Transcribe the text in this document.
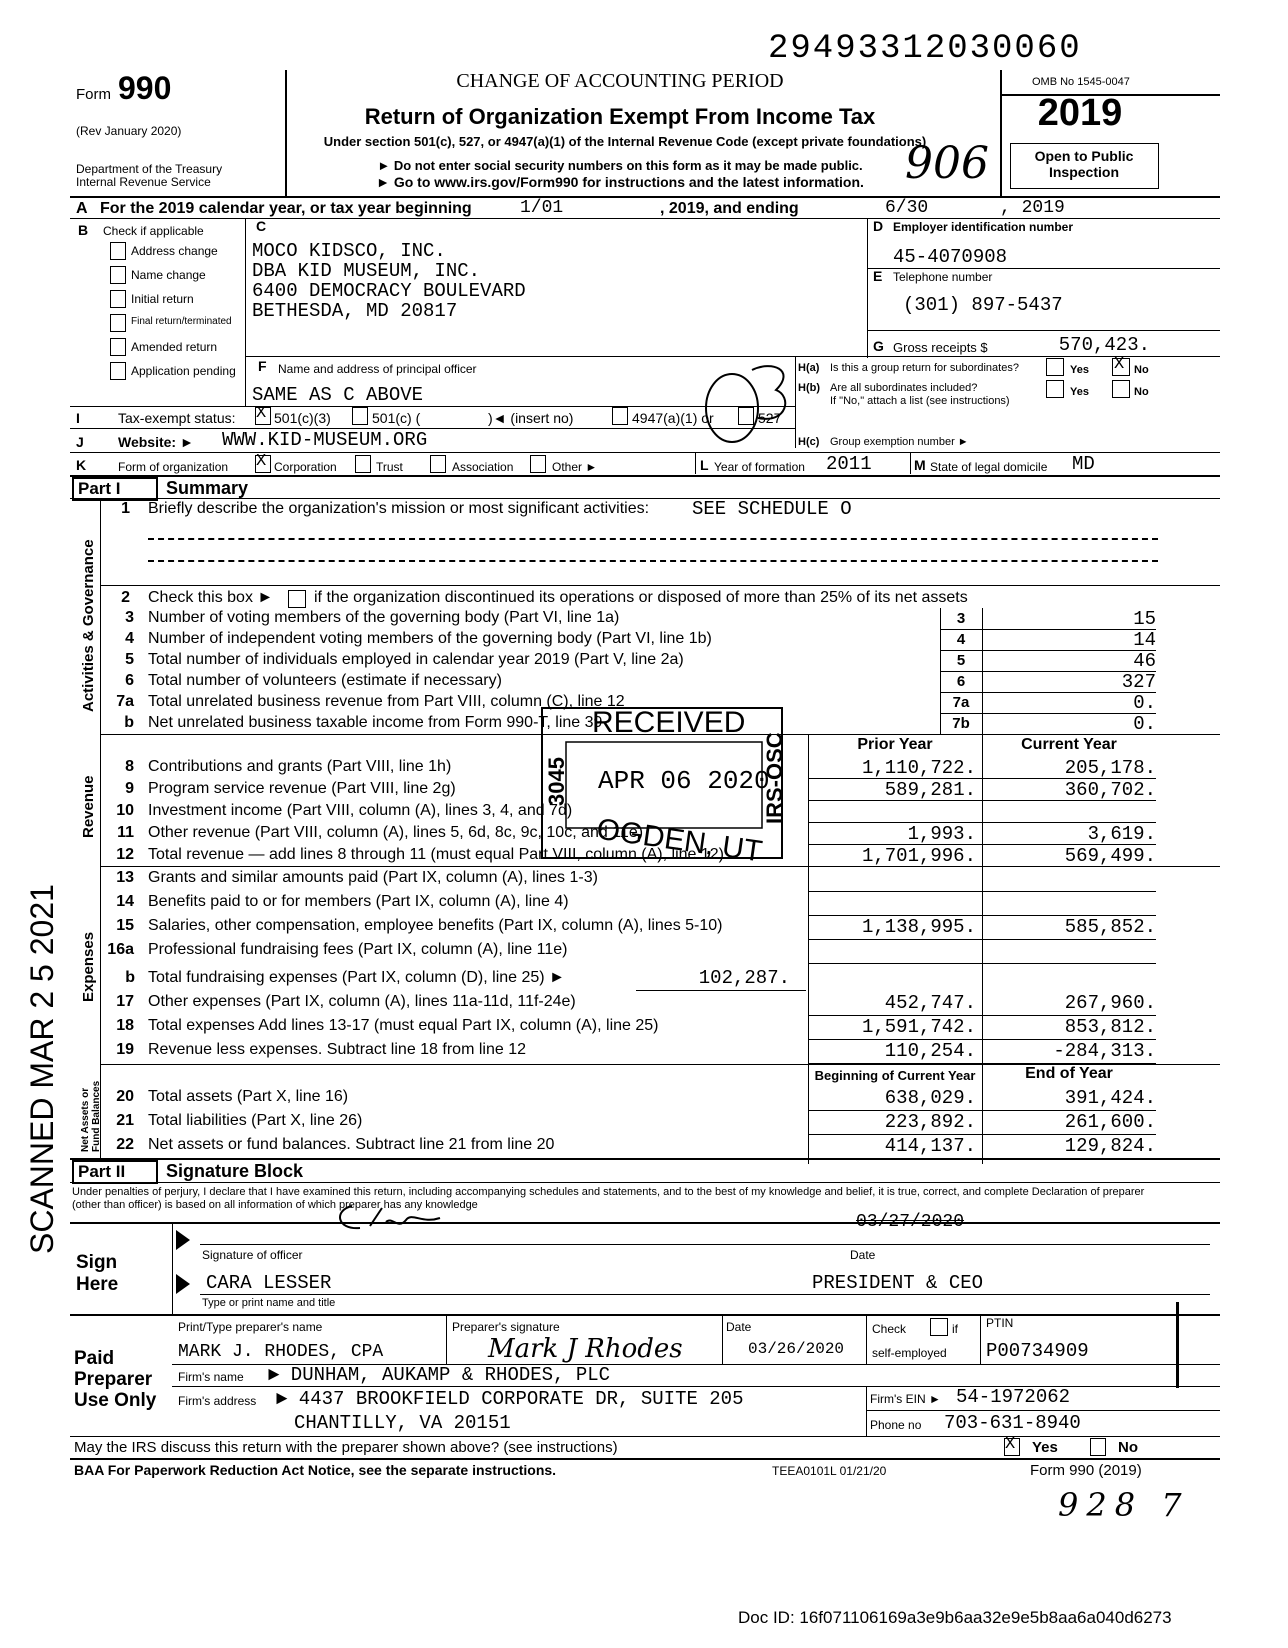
29493312030060
Form 990
(Rev January 2020)
Department of the Treasury
Internal Revenue Service
CHANGE OF ACCOUNTING PERIOD
Return of Organization Exempt From Income Tax
Under section 501(c), 527, or 4947(a)(1) of the Internal Revenue Code (except private foundations)
► Do not enter social security numbers on this form as it may be made public.
► Go to www.irs.gov/Form990 for instructions and the latest information. 906
OMB No 1545-0047
2019
Open to Public Inspection
A For the 2019 calendar year, or tax year beginning	1/01	, 2019, and ending	6/30	, 2019
B Check if applicable
Address change
Name change
Initial return
Final return/terminated
Amended return
Application pending
C
MOCO KIDSCO, INC.
DBA KID MUSEUM, INC.
6400 DEMOCRACY BOULEVARD
BETHESDA, MD 20817
D Employer identification number
45-4070908
E Telephone number
(301) 897-5437
G Gross receipts $	570,423.
F Name and address of principal officer
SAME AS C ABOVE
H(a) Is this a group return for subordinates?	Yes X No
H(b) Are all subordinates included?
If "No," attach a list (see instructions)
Yes	No
H(c) Group exemption number ►
I	Tax-exempt status: X 501(c)(3)	501(c) (	)◄ (insert no)	4947(a)(1) or	527
J Website: ► WWW.KID-MUSEUM.ORG
K	Form of organization X Corporation	Trust	Association	Other ►	L Year of formation 2011	M State of legal domicile MD
Part I	Summary
Activities & Governance
Revenue
Expenses
Net Assets or Fund Balances
1 Briefly describe the organization's mission or most significant activities: SEE SCHEDULE O
2 Check this box ►	if the organization discontinued its operations or disposed of more than 25% of its net assets
3 Number of voting members of the governing body (Part VI, line 1a)	3	15
4 Number of independent voting members of the governing body (Part VI, line 1b)	4	14
5 Total number of individuals employed in calendar year 2019 (Part V, line 2a)	5	46
6 Total number of volunteers (estimate if necessary)	6	327
7a Total unrelated business revenue from Part VIII, column (C), line 12	7a	0.
b Net unrelated business taxable income from Form 990-T, line 39	7b	0.
Prior Year	Current Year
8 Contributions and grants (Part VIII, line 1h)	1,110,722.	205,178.
9 Program service revenue (Part VIII, line 2g)	589,281.	360,702.
10 Investment income (Part VIII, column (A), lines 3, 4, and 7d)
11 Other revenue (Part VIII, column (A), lines 5, 6d, 8c, 9c, 10c, and 11e)	1,993.	3,619.
12 Total revenue — add lines 8 through 11 (must equal Part VIII, column (A), line 12)	1,701,996.	569,499.
13 Grants and similar amounts paid (Part IX, column (A), lines 1-3)
14 Benefits paid to or for members (Part IX, column (A), line 4)
15 Salaries, other compensation, employee benefits (Part IX, column (A), lines 5-10)	1,138,995.	585,852.
16a Professional fundraising fees (Part IX, column (A), line 11e)
b Total fundraising expenses (Part IX, column (D), line 25) ►	102,287.
17 Other expenses (Part IX, column (A), lines 11a-11d, 11f-24e)	452,747.	267,960.
18 Total expenses Add lines 13-17 (must equal Part IX, column (A), line 25)	1,591,742.	853,812.
19 Revenue less expenses. Subtract line 18 from line 12	110,254.	-284,313.
Beginning of Current Year	End of Year
20 Total assets (Part X, line 16)	638,029.	391,424.
21 Total liabilities (Part X, line 26)	223,892.	261,600.
22 Net assets or fund balances. Subtract line 21 from line 20	414,137.	129,824.
Part II	Signature Block
Under penalties of perjury, I declare that I have examined this return, including accompanying schedules and statements, and to the best of my knowledge and belief, it is true, correct, and complete Declaration of preparer (other than officer) is based on all information of which preparer has any knowledge
Sign Here
Signature of officer
03/27/2020
Date
CARA LESSER	PRESIDENT & CEO
Type or print name and title
Paid Preparer Use Only
Print/Type preparer's name
MARK J. RHODES, CPA
Preparer's signature
Mark J Rhodes
Date
03/26/2020
Check	if
self-employed
PTIN
P00734909
Firm's name ► DUNHAM, AUKAMP & RHODES, PLC
Firm's EIN ► 54-1972062
Firm's address ► 4437 BROOKFIELD CORPORATE DR, SUITE 205
CHANTILLY, VA 20151	Phone no 703-631-8940
May the IRS discuss this return with the preparer shown above? (see instructions)	X Yes	No
BAA For Paperwork Reduction Act Notice, see the separate instructions.	TEEA0101L 01/21/20	Form 990 (2019)
928 7
Doc ID: 16f071106169a3e9b6aa32e9e5b8aa6a040d6273
RECEIVED
APR 06 2020
3045	IRS-OSC
OGDEN, UT
SCANNED MAR 2 5 2021
